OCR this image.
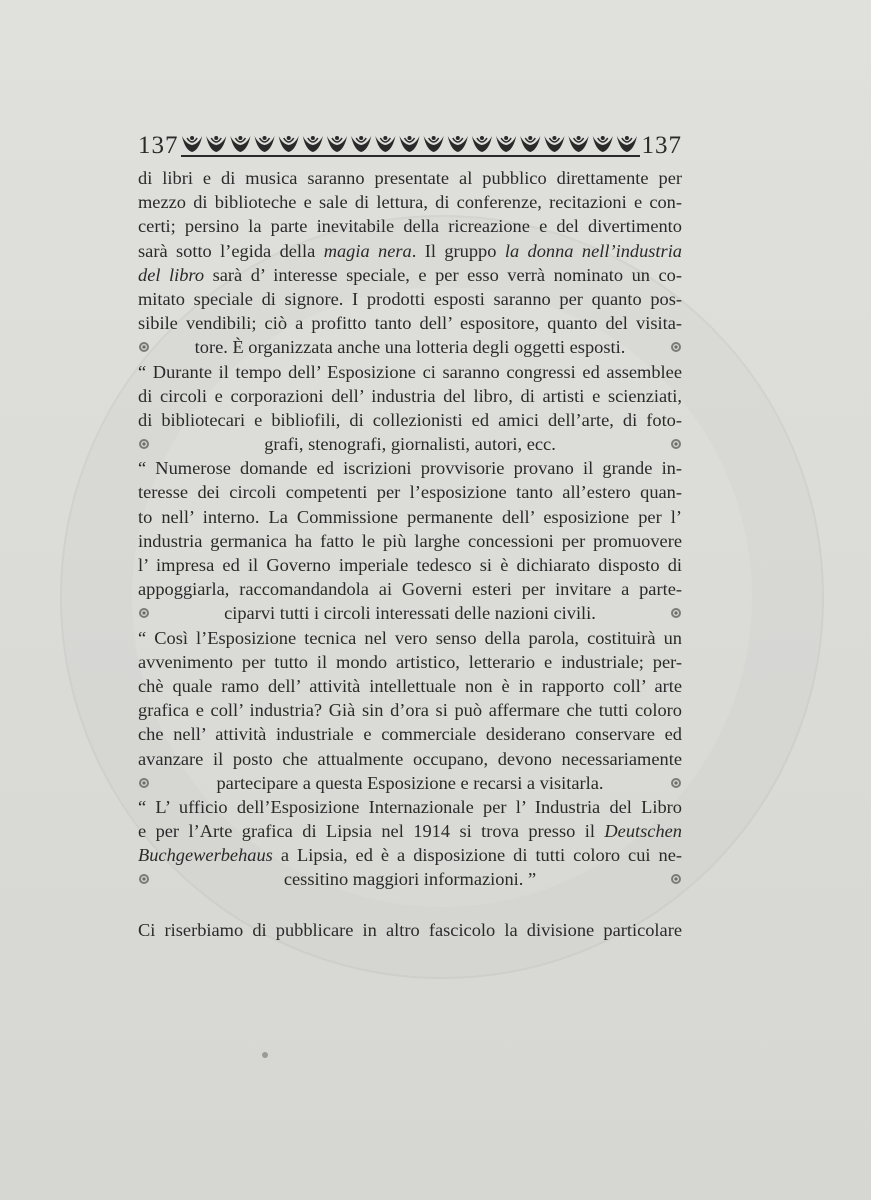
137	137
di libri e di musica saranno presentate al pubblico direttamente per
mezzo di biblioteche e sale di lettura, di conferenze, recitazioni e con-
certi; persino la parte inevitabile della ricreazione e del divertimento
sarà sotto l’egida della magia nera. Il gruppo la donna nell’industria
del libro sarà d’ interesse speciale, e per esso verrà nominato un co-
mitato speciale di signore. I prodotti esposti saranno per quanto pos-
sibile vendibili; ciò a profitto tanto dell’ espositore, quanto del visita-
tore. È organizzata anche una lotteria degli oggetti esposti.
“ Durante il tempo dell’ Esposizione ci saranno congressi ed assemblee
di circoli e corporazioni dell’ industria del libro, di artisti e scienziati,
di bibliotecari e bibliofili, di collezionisti ed amici dell’arte, di foto-
grafi, stenografi, giornalisti, autori, ecc.
“ Numerose domande ed iscrizioni provvisorie provano il grande in-
teresse dei circoli competenti per l’esposizione tanto all’estero quan-
to nell’ interno. La Commissione permanente dell’ esposizione per l’
industria germanica ha fatto le più larghe concessioni per promuovere
l’ impresa ed il Governo imperiale tedesco si è dichiarato disposto di
appoggiarla, raccomandandola ai Governi esteri per invitare a parte-
ciparvi tutti i circoli interessati delle nazioni civili.
“ Così l’Esposizione tecnica nel vero senso della parola, costituirà un
avvenimento per tutto il mondo artistico, letterario e industriale; per-
chè quale ramo dell’ attività intellettuale non è in rapporto coll’ arte
grafica e coll’ industria? Già sin d’ora si può affermare che tutti coloro
che nell’ attività industriale e commerciale desiderano conservare ed
avanzare il posto che attualmente occupano, devono necessariamente
partecipare a questa Esposizione e recarsi a visitarla.
“ L’ ufficio dell’Esposizione Internazionale per l’ Industria del Libro
e per l’Arte grafica di Lipsia nel 1914 si trova presso il Deutschen
Buchgewerbehaus a Lipsia, ed è a disposizione di tutti coloro cui ne-
cessitino maggiori informazioni. ”
Ci riserbiamo di pubblicare in altro fascicolo la divisione particolare
